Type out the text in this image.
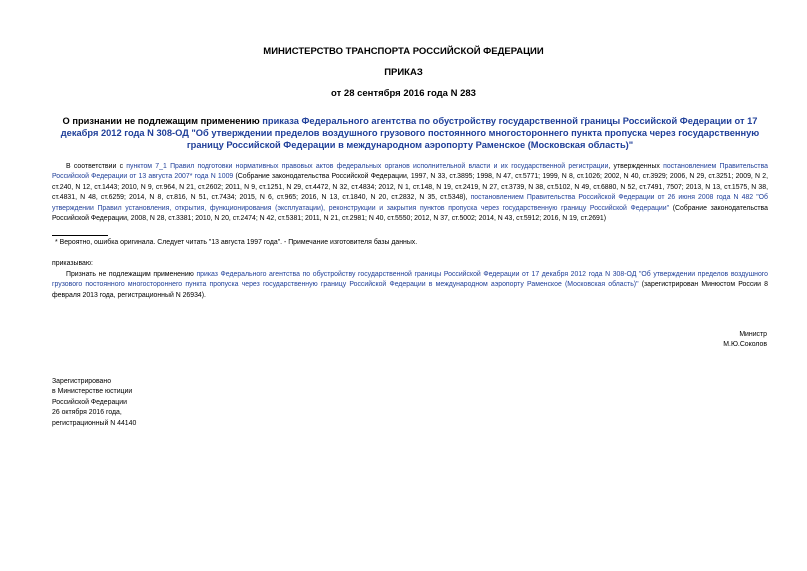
МИНИСТЕРСТВО ТРАНСПОРТА РОССИЙСКОЙ ФЕДЕРАЦИИ
ПРИКАЗ
от 28 сентября 2016 года N 283
О признании не подлежащим применению приказа Федерального агентства по обустройству государственной границы Российской Федерации от 17 декабря 2012 года N 308-ОД "Об утверждении пределов воздушного грузового постоянного многостороннего пункта пропуска через государственную границу Российской Федерации в международном аэропорту Раменское (Московская область)"
В соответствии с пунктом 7_1 Правил подготовки нормативных правовых актов федеральных органов исполнительной власти и их государственной регистрации, утвержденных постановлением Правительства Российской Федерации от 13 августа 2007* года N 1009 (Собрание законодательства Российской Федерации, 1997, N 33, ст.3895; 1998, N 47, ст.5771; 1999, N 8, ст.1026; 2002, N 40, ст.3929; 2006, N 29, ст.3251; 2009, N 2, ст.240, N 12, ст.1443; 2010, N 9, ст.964, N 21, ст.2602; 2011, N 9, ст.1251, N 29, ст.4472, N 32, ст.4834; 2012, N 1, ст.148, N 19, ст.2419, N 27, ст.3739, N 38, ст.5102, N 49, ст.6880, N 52, ст.7491, 7507; 2013, N 13, ст.1575, N 38, ст.4831, N 48, ст.6259; 2014, N 8, ст.816, N 51, ст.7434; 2015, N 6, ст.965; 2016, N 13, ст.1840, N 20, ст.2832, N 35, ст.5348), постановлением Правительства Российской Федерации от 26 июня 2008 года N 482 "Об утверждении Правил установления, открытия, функционирования (эксплуатации), реконструкции и закрытия пунктов пропуска через государственную границу Российской Федерации" (Собрание законодательства Российской Федерации, 2008, N 28, ст.3381; 2010, N 20, ст.2474; N 42, ст.5381; 2011, N 21, ст.2981; N 40, ст.5550; 2012, N 37, ст.5002; 2014, N 43, ст.5912; 2016, N 19, ст.2691)
* Вероятно, ошибка оригинала. Следует читать "13 августа 1997 года". - Примечание изготовителя базы данных.
приказываю:
Признать не подлежащим применению приказ Федерального агентства по обустройству государственной границы Российской Федерации от 17 декабря 2012 года N 308-ОД "Об утверждении пределов воздушного грузового постоянного многостороннего пункта пропуска через государственную границу Российской Федерации в международном аэропорту Раменское (Московская область)" (зарегистрирован Минюстом России 8 февраля 2013 года, регистрационный N 26934).
Министр
М.Ю.Соколов
Зарегистрировано
в Министерстве юстиции
Российской Федерации
26 октября 2016 года,
регистрационный N 44140
